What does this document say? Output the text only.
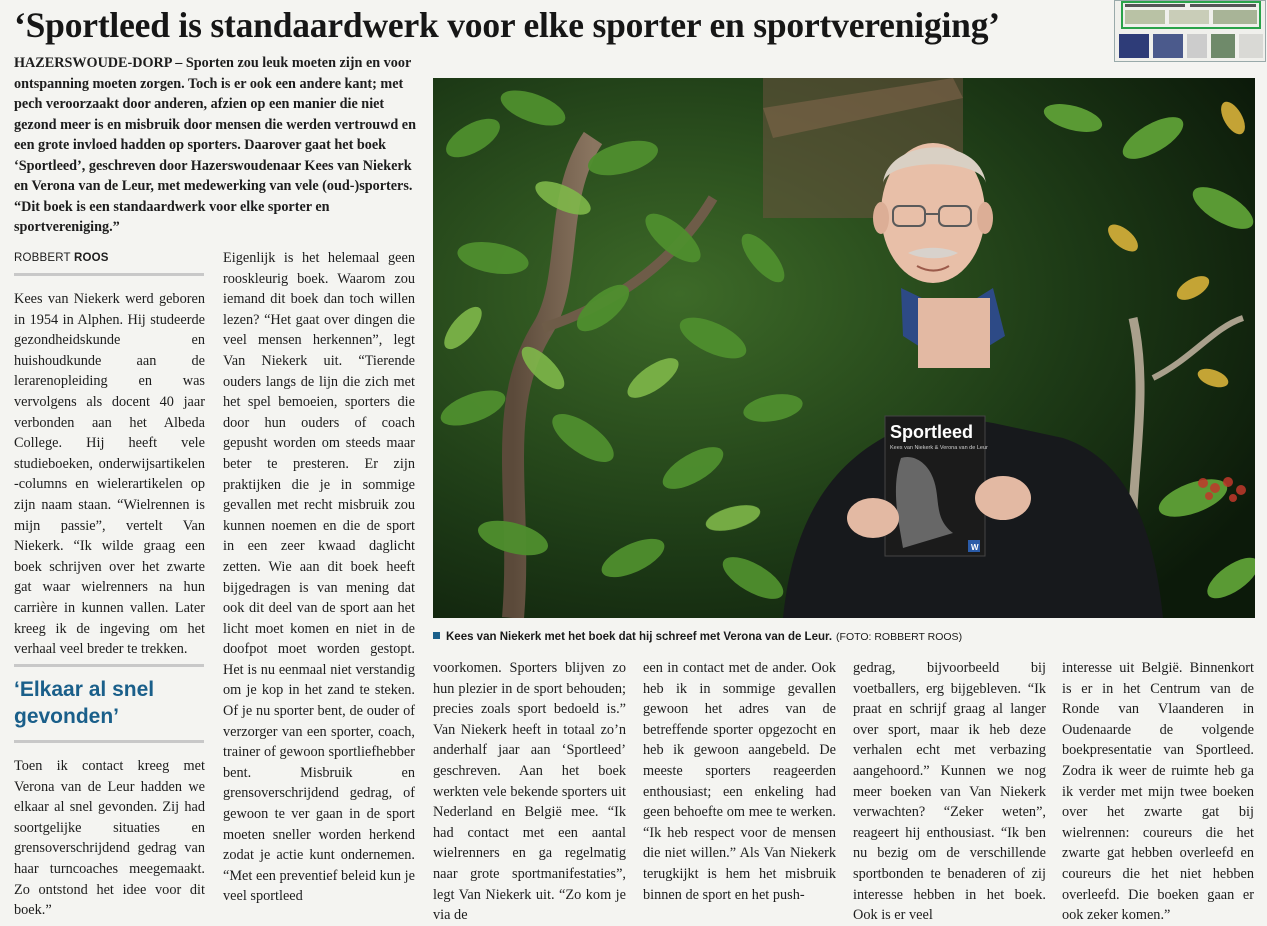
‘Sportleed is standaardwerk voor elke sporter en sportvereniging’

HAZERSWOUDE-DORP – Sporten zou leuk moeten zijn en voor ontspanning moeten zorgen. Toch is er ook een andere kant; met pech veroorzaakt door anderen, afzien op een manier die niet gezond meer is en misbruik door mensen die werden vertrouwd en een grote invloed hadden op sporters. Daarover gaat het boek ‘Sportleed’, geschreven door Hazerswoudenaar Kees van Niekerk en Verona van de Leur, met medewerking van vele (oud-)sporters. “Dit boek is een standaardwerk voor elke sporter en sportvereniging.”

ROBBERT ROOS

Kees van Niekerk werd geboren in 1954 in Alphen. Hij studeerde gezondheidskunde en huishoudkunde aan de lerarenopleiding en was vervolgens als docent 40 jaar verbonden aan het Albeda College. Hij heeft vele studieboeken, onderwijsartikelen -columns en wielerartikelen op zijn naam staan. “Wielrennen is mijn passie”, vertelt Van Niekerk. “Ik wilde graag een boek schrijven over het zwarte gat waar wielrenners na hun carrière in kunnen vallen. Later kreeg ik de ingeving om het verhaal veel breder te trekken.

‘Elkaar al snel gevonden’

Toen ik contact kreeg met Verona van de Leur hadden we elkaar al snel gevonden. Zij had soortgelijke situaties en grensoverschrijdend gedrag van haar turncoaches meegemaakt. Zo ontstond het idee voor dit boek.”

Eigenlijk is het helemaal geen rooskleurig boek. Waarom zou iemand dit boek dan toch willen lezen? “Het gaat over dingen die veel mensen herkennen”, legt Van Niekerk uit. “Tierende ouders langs de lijn die zich met het spel bemoeien, sporters die door hun ouders of coach gepusht worden om steeds maar beter te presteren. Er zijn praktijken die je in sommige gevallen met recht misbruik zou kunnen noemen en die de sport in een zeer kwaad daglicht zetten. Wie aan dit boek heeft bijgedragen is van mening dat ook dit deel van de sport aan het licht moet komen en niet in de doofpot moet worden gestopt. Het is nu eenmaal niet verstandig om je kop in het zand te steken. Of je nu sporter bent, de ouder of verzorger van een sporter, coach, trainer of gewoon sportliefhebber bent. Misbruik en grensoverschrijdend gedrag, of gewoon te ver gaan in de sport moeten sneller worden herkend zodat je actie kunt ondernemen. “Met een preventief beleid kun je veel sportleed

Sportleed
Kees van Niekerk & Verona van de Leur
W
Kees van Niekerk met het boek dat hij schreef met Verona van de Leur. (FOTO: ROBBERT ROOS)

voorkomen. Sporters blijven zo hun plezier in de sport behouden; precies zoals sport bedoeld is.” Van Niekerk heeft in totaal zo’n anderhalf jaar aan ‘Sportleed’ geschreven. Aan het boek werkten vele bekende sporters uit Nederland en België mee. “Ik had contact met een aantal wielrenners en ga regelmatig naar grote sportmanifestaties”, legt Van Niekerk uit. “Zo kom je via de

een in contact met de ander. Ook heb ik in sommige gevallen gewoon het adres van de betreffende sporter opgezocht en heb ik gewoon aangebeld. De meeste sporters reageerden enthousiast; een enkeling had geen behoefte om mee te werken. “Ik heb respect voor de mensen die niet willen.” Als Van Niekerk terugkijkt is hem het misbruik binnen de sport en het push-

gedrag, bijvoorbeeld bij voetballers, erg bijgebleven. “Ik praat en schrijf graag al langer over sport, maar ik heb deze verhalen echt met verbazing aangehoord.” Kunnen we nog meer boeken van Van Niekerk verwachten? “Zeker weten”, reageert hij enthousiast. “Ik ben nu bezig om de verschillende sportbonden te benaderen of zij interesse hebben in het boek. Ook is er veel

interesse uit België. Binnenkort is er in het Centrum van de Ronde van Vlaanderen in Oudenaarde de volgende boekpresentatie van Sportleed. Zodra ik weer de ruimte heb ga ik verder met mijn twee boeken over het zwarte gat bij wielrennen: coureurs die het zwarte gat hebben overleefd en coureurs die het niet hebben overleefd. Die boeken gaan er ook zeker komen.”
